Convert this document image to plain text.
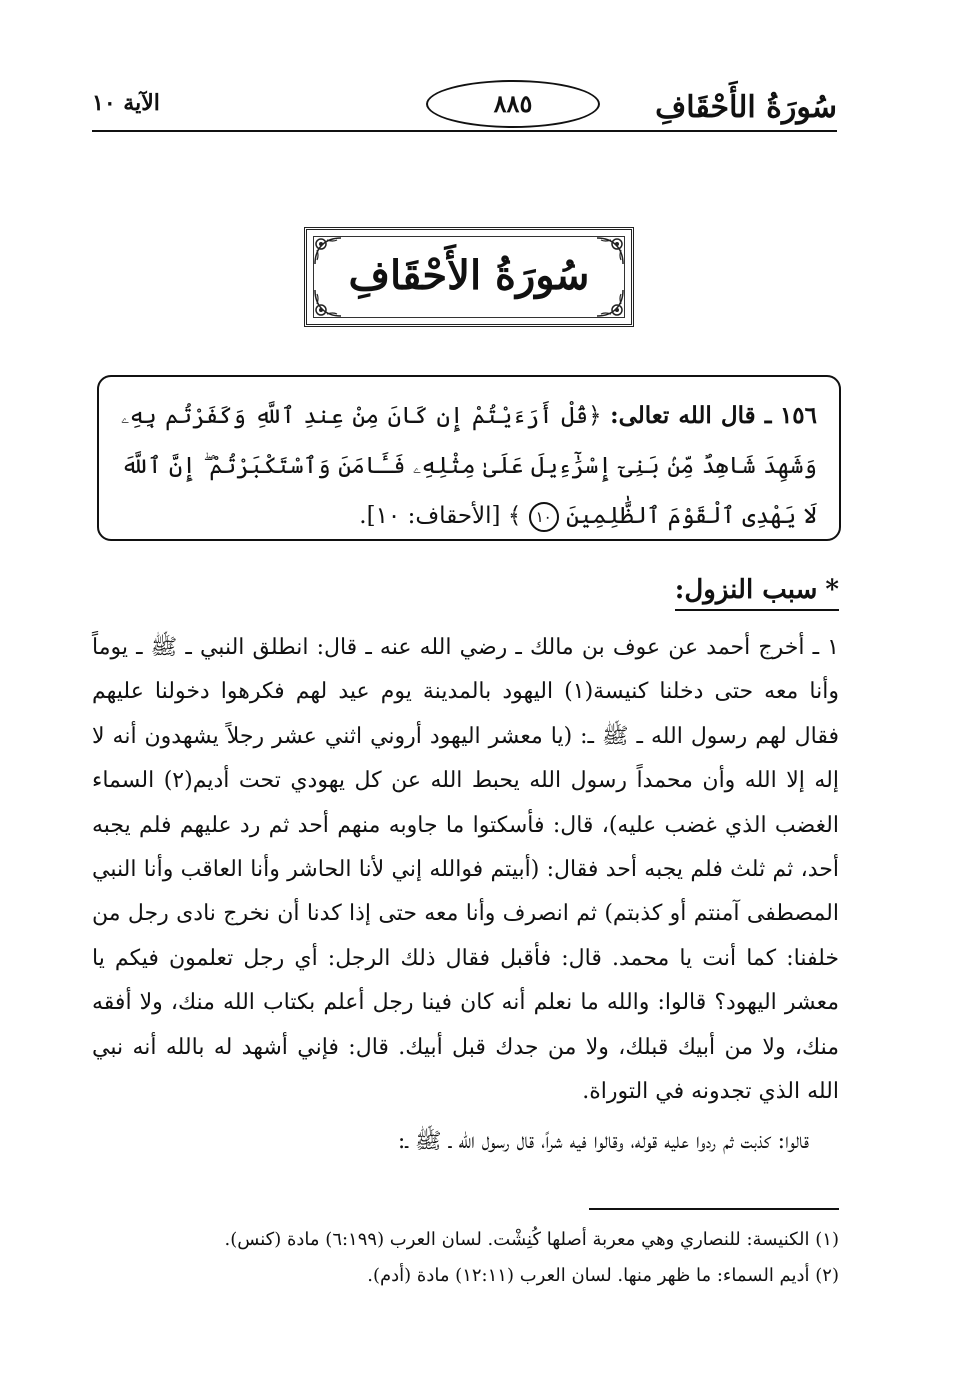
سُورَةُ الأَحْقَافِ
٨٨٥
الآية ١٠
سُورَةُ الأَحْقَافِ
١٥٦ ـ قال الله تعالى: ﴿قُلْ أَرَءَيْتُمْ إِن كَانَ مِنْ عِندِ ٱللَّهِ وَكَفَرْتُم بِهِۦ وَشَهِدَ شَاهِدٌ مِّنۢ بَنِىٓ إِسْرَٰٓءِيلَ عَلَىٰ مِثْلِهِۦ فَـَٔامَنَ وَٱسْتَكْبَرْتُمْ ۖ إِنَّ ٱللَّهَ لَا يَهْدِى ٱلْقَوْمَ ٱلظَّٰلِمِينَ ١٠ ﴾ [الأحقاف: ١٠].
*سبب النزول:

١ ـ أخرج أحمد عن عوف بن مالك ـ رضي الله عنه ـ قال: انطلق النبي ـ ﷺ ـ يوماً وأنا معه حتى دخلنا كنيسة(١) اليهود بالمدينة يوم عيد لهم فكرهوا دخولنا عليهم فقال لهم رسول الله ـ ﷺ ـ: (يا معشر اليهود أروني اثني عشر رجلاً يشهدون أنه لا إله إلا الله وأن محمداً رسول الله يحبط الله عن كل يهودي تحت أديم(٢) السماء الغضب الذي غضب عليه)، قال: فأسكتوا ما جاوبه منهم أحد ثم رد عليهم فلم يجبه أحد، ثم ثلث فلم يجبه أحد فقال: (أبيتم فوالله إني لأنا الحاشر وأنا العاقب وأنا النبي المصطفى آمنتم أو كذبتم) ثم انصرف وأنا معه حتى إذا كدنا أن نخرج نادى رجل من خلفنا: كما أنت يا محمد. قال: فأقبل فقال ذلك الرجل: أي رجل تعلمون فيكم يا معشر اليهود؟ قالوا: والله ما نعلم أنه كان فينا رجل أعلم بكتاب الله منك، ولا أفقه منك، ولا من أبيك قبلك، ولا من جدك قبل أبيك. قال: فإني أشهد له بالله أنه نبي الله الذي تجدونه في التوراة.

قالوا: كذبت ثم ردوا عليه قوله، وقالوا فيه شراً، قال رسول الله ـ ﷺ ـ:

(١) الكنيسة: للنصاري وهي معربة أصلها كُنِشْت. لسان العرب (٦:١٩٩) مادة (كنس).
(٢) أديم السماء: ما ظهر منها. لسان العرب (١٢:١١) مادة (أدم).
